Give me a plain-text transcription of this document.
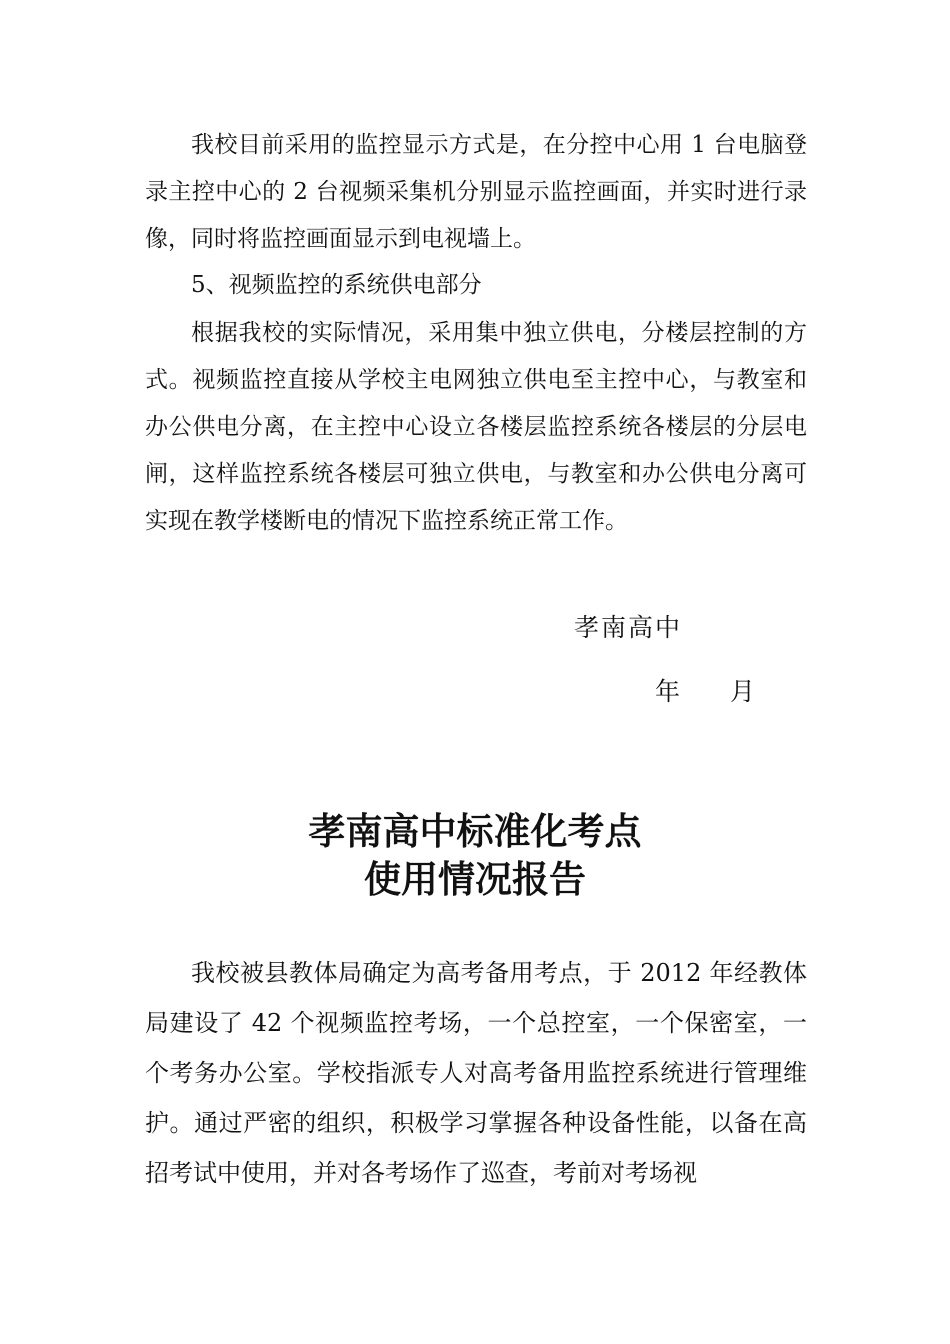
我校目前采用的监控显示方式是，在分控中心用 1 台电脑登录主控中心的 2 台视频采集机分别显示监控画面，并实时进行录像，同时将监控画面显示到电视墙上。

5、视频监控的系统供电部分

根据我校的实际情况，采用集中独立供电，分楼层控制的方式。视频监控直接从学校主电网独立供电至主控中心，与教室和办公供电分离，在主控中心设立各楼层监控系统各楼层的分层电闸，这样监控系统各楼层可独立供电，与教室和办公供电分离可实现在教学楼断电的情况下监控系统正常工作。

孝南高中

年 月

孝南高中标准化考点
使用情况报告

我校被县教体局确定为高考备用考点，于 2012 年经教体局建设了 42 个视频监控考场，一个总控室，一个保密室，一个考务办公室。学校指派专人对高考备用监控系统进行管理维护。通过严密的组织，积极学习掌握各种设备性能，以备在高招考试中使用，并对各考场作了巡查，考前对考场视
